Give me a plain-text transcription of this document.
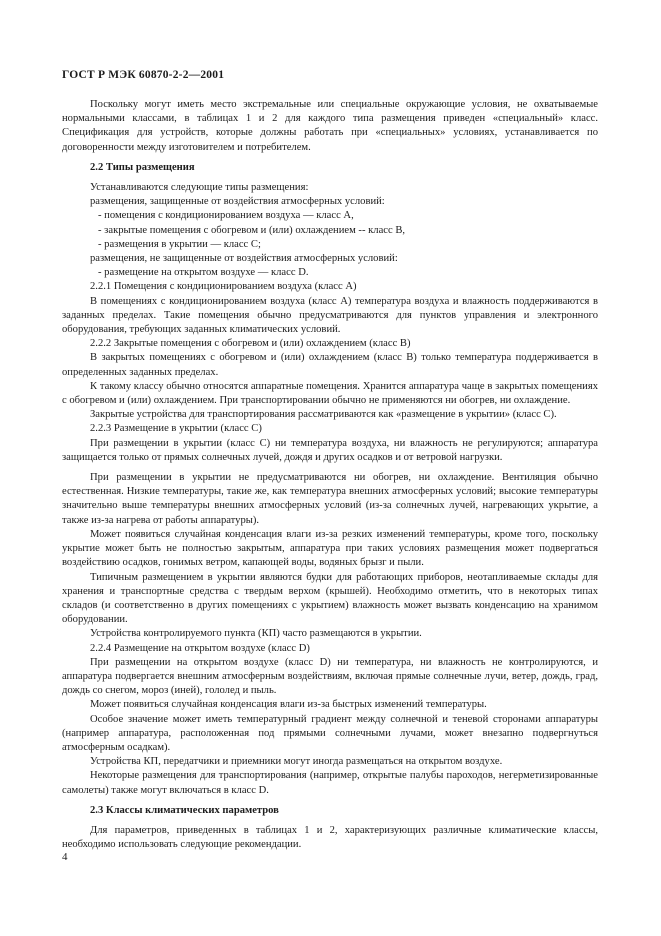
ГОСТ Р МЭК 60870-2-2—2001

Поскольку могут иметь место экстремальные или специальные окружающие условия, не охватываемые нормальными классами, в таблицах 1 и 2 для каждого типа размещения приведен «специальный» класс. Спецификация для устройств, которые должны работать при «специальных» условиях, устанавливается по договоренности между изготовителем и потребителем.

2.2 Типы размещения

Устанавливаются следующие типы размещения:

размещения, защищенные от воздействия атмосферных условий:

- помещения с кондиционированием воздуха — класс A,

- закрытые помещения с обогревом и (или) охлаждением -- класс B,

- размещения в укрытии — класс C;

размещения, не защищенные от воздействия атмосферных условий:

- размещение на открытом воздухе — класс D.

2.2.1 Помещения с кондиционированием воздуха (класс A)

В помещениях с кондиционированием воздуха (класс A) температура воздуха и влажность поддерживаются в заданных пределах. Такие помещения обычно предусматриваются для пунктов управления и электронного оборудования, требующих заданных климатических условий.

2.2.2 Закрытые помещения с обогревом и (или) охлаждением (класс B)

В закрытых помещениях с обогревом и (или) охлаждением (класс B) только температура поддерживается в определенных заданных пределах.

К такому классу обычно относятся аппаратные помещения. Хранится аппаратура чаще в закрытых помещениях с обогревом и (или) охлаждением. При транспортировании обычно не применяются ни обогрев, ни охлаждение.

Закрытые устройства для транспортирования рассматриваются как «размещение в укрытии» (класс C).

2.2.3 Размещение в укрытии (класс C)

При размещении в укрытии (класс C) ни температура воздуха, ни влажность не регулируются; аппаратура защищается только от прямых солнечных лучей, дождя и других осадков и от ветровой нагрузки.

При размещении в укрытии не предусматриваются ни обогрев, ни охлаждение. Вентиляция обычно естественная. Низкие температуры, такие же, как температура внешних атмосферных условий; высокие температуры значительно выше температуры внешних атмосферных условий (из-за солнечных лучей, нагревающих укрытие, а также из-за нагрева от работы аппаратуры).

Может появиться случайная конденсация влаги из-за резких изменений температуры, кроме того, поскольку укрытие может быть не полностью закрытым, аппаратура при таких условиях размещения может подвергаться воздействию осадков, гонимых ветром, капающей воды, водяных брызг и пыли.

Типичным размещением в укрытии являются будки для работающих приборов, неотапливаемые склады для хранения и транспортные средства с твердым верхом (крышей). Необходимо отметить, что в некоторых типах складов (и соответственно в других помещениях с укрытием) влажность может вызвать конденсацию на хранимом оборудовании.

Устройства контролируемого пункта (КП) часто размещаются в укрытии.

2.2.4 Размещение на открытом воздухе (класс D)

При размещении на открытом воздухе (класс D) ни температура, ни влажность не контролируются, и аппаратура подвергается внешним атмосферным воздействиям, включая прямые солнечные лучи, ветер, дождь, град, дождь со снегом, мороз (иней), гололед и пыль.

Может появиться случайная конденсация влаги из-за быстрых изменений температуры.

Особое значение может иметь температурный градиент между солнечной и теневой сторонами аппаратуры (например аппаратура, расположенная под прямыми солнечными лучами, может внезапно подвергнуться атмосферным осадкам).

Устройства КП, передатчики и приемники могут иногда размещаться на открытом воздухе.

Некоторые размещения для транспортирования (например, открытые палубы пароходов, негерметизированные самолеты) также могут включаться в класс D.

2.3 Классы климатических параметров

Для параметров, приведенных в таблицах 1 и 2, характеризующих различные климатические классы, необходимо использовать следующие рекомендации.

4
